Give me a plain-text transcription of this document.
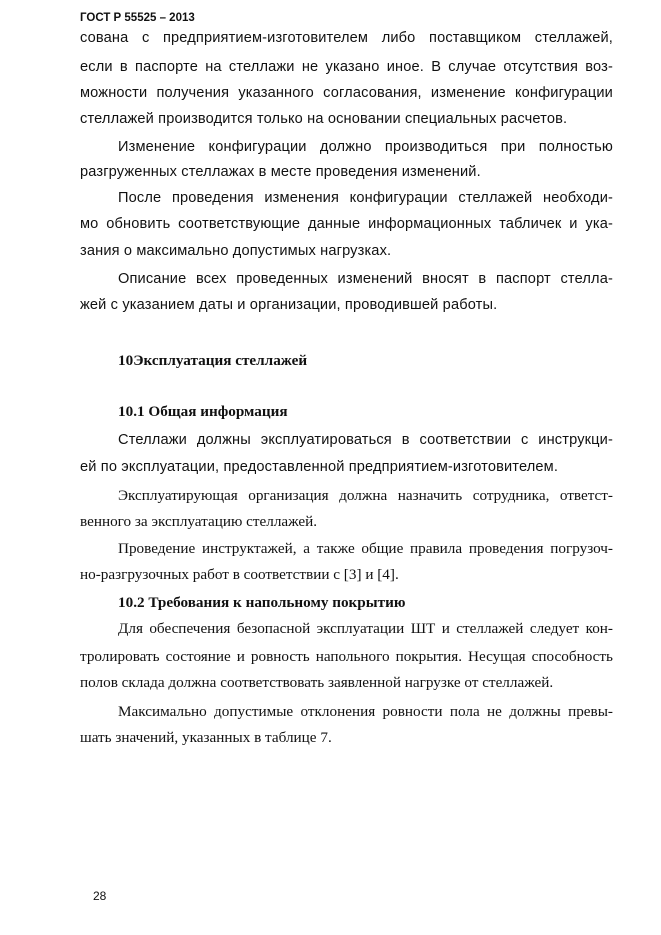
ГОСТ Р 55525 – 2013
сована с предприятием-изготовителем либо поставщиком стеллажей,
если в паспорте на стеллажи не указано иное. В случае отсутствия воз-
можности получения указанного согласования, изменение конфигурации
стеллажей производится только на основании специальных расчетов.
Изменение конфигурации должно производиться при полностью
разгруженных стеллажах в месте проведения изменений.
После проведения изменения конфигурации стеллажей необходи-
мо обновить соответствующие данные информационных табличек и ука-
зания о максимально допустимых нагрузках.
Описание всех проведенных изменений вносят в паспорт стелла-
жей с указанием даты и организации, проводившей работы.
10Эксплуатация стеллажей
10.1 Общая информация
Стеллажи должны эксплуатироваться в соответствии с инструкци-
ей по эксплуатации, предоставленной предприятием-изготовителем.
Эксплуатирующая организация должна назначить сотрудника, ответст-
венного за эксплуатацию стеллажей.
Проведение инструктажей, а также общие правила проведения погрузоч-
но-разгрузочных работ в соответствии с [3] и [4].
10.2 Требования к напольному покрытию
Для обеспечения безопасной эксплуатации ШТ и стеллажей следует кон-
тролировать состояние и ровность напольного покрытия. Несущая способность
полов склада должна соответствовать заявленной нагрузке от стеллажей.
Максимально допустимые отклонения ровности пола не должны превы-
шать значений, указанных в таблице 7.
28
